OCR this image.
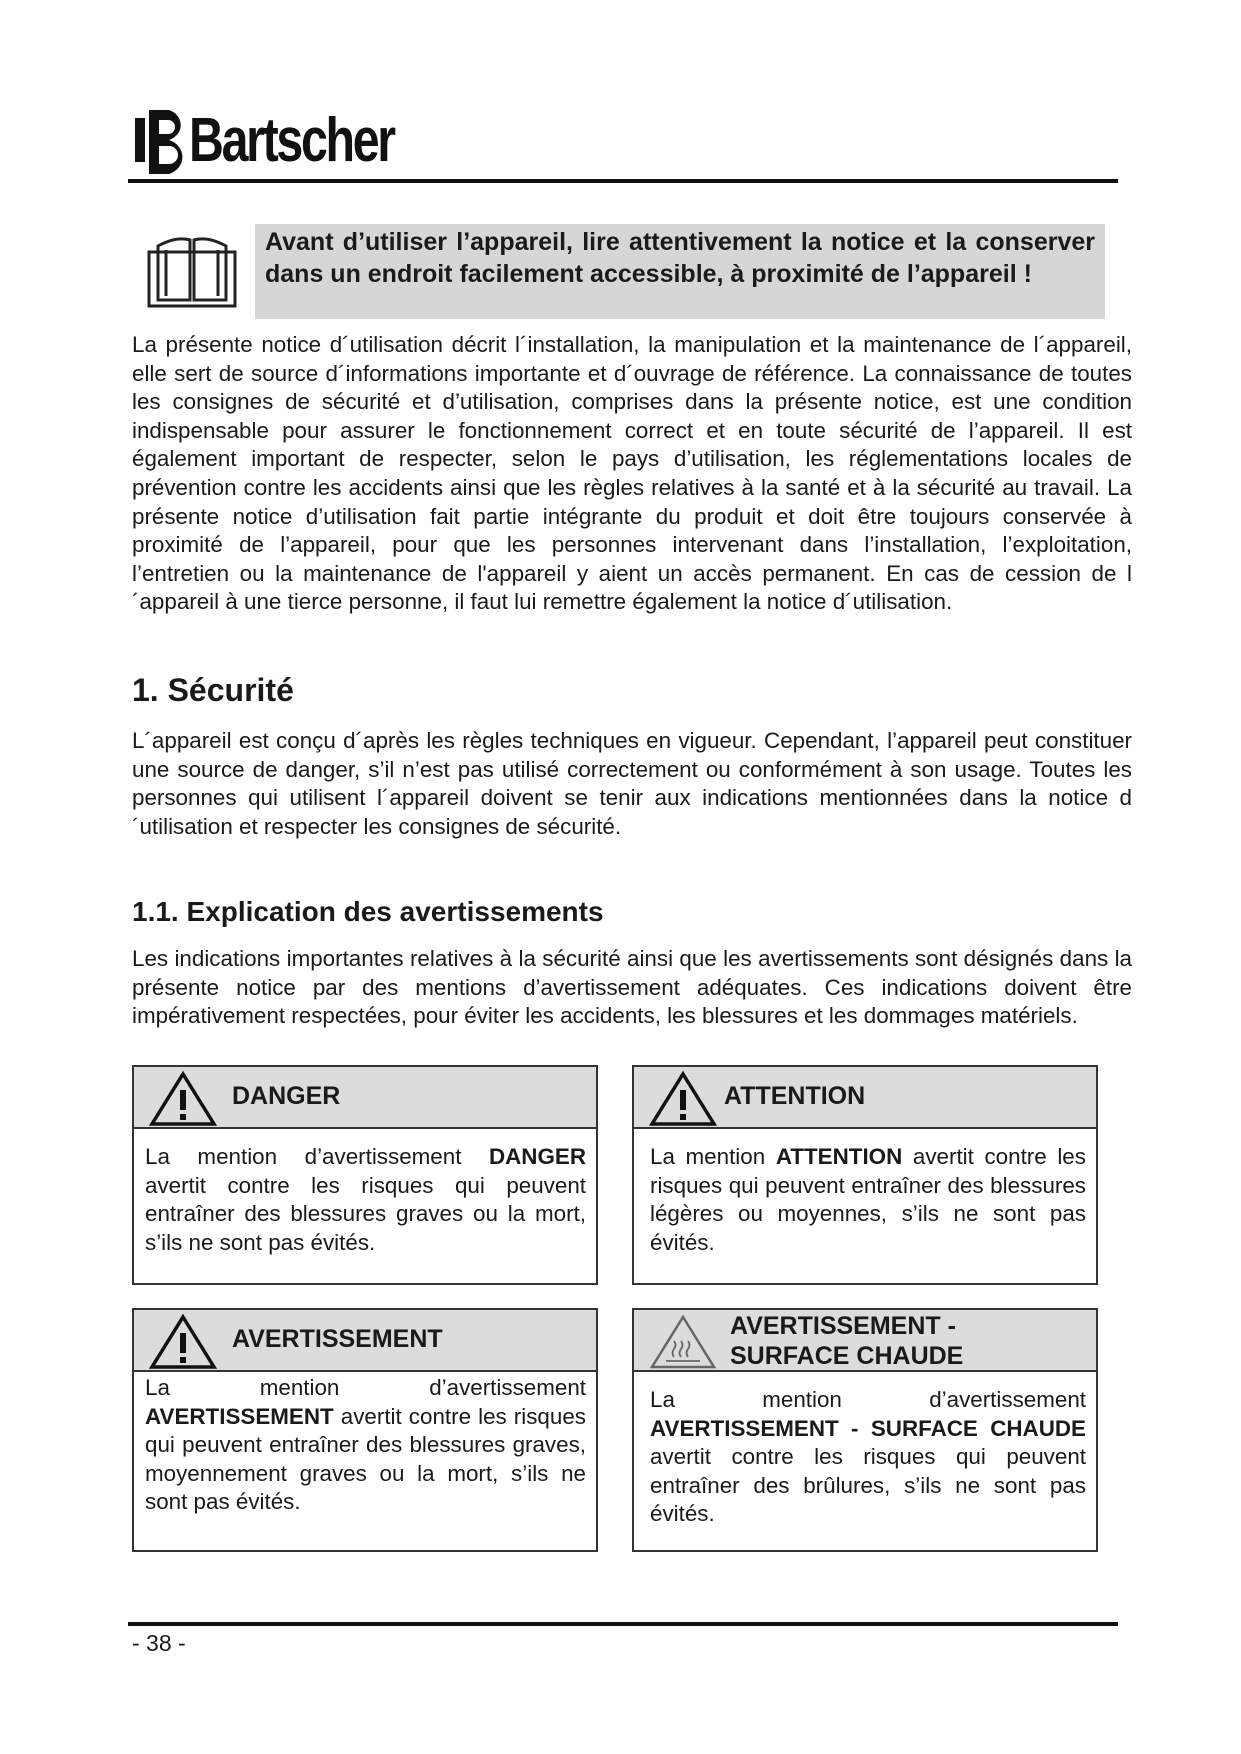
Bartscher
Avant d’utiliser l’appareil, lire attentivement la notice et la conserver dans un endroit facilement accessible, à proximité de l’appareil !
La présente notice d´utilisation décrit l´installation, la manipulation et la maintenance de l´appareil, elle sert de source d´informations importante et d´ouvrage de référence. La connaissance de toutes les consignes de sécurité et d’utilisation, comprises dans la présente notice, est une condition indispensable pour assurer le fonctionnement correct et en toute sécurité de l’appareil. Il est également important de respecter, selon le pays d’utilisation, les réglementations locales de prévention contre les accidents ainsi que les règles relatives à la santé et à la sécurité au travail. La présente notice d’utilisation fait partie intégrante du produit et doit être toujours conservée à proximité de l’appareil, pour que les personnes intervenant dans l’installation, l’exploitation, l’entretien ou la maintenance de l'appareil y aient un accès permanent. En cas de cession de l´appareil à une tierce personne, il faut lui remettre également la notice d´utilisation.
1. Sécurité
L´appareil est conçu d´après les règles techniques en vigueur. Cependant, l’appareil peut constituer une source de danger, s’il n’est pas utilisé correctement ou conformément à son usage. Toutes les personnes qui utilisent l´appareil doivent se tenir aux indications mentionnées dans la notice d´utilisation et respecter les consignes de sécurité.
1.1. Explication des avertissements
Les indications importantes relatives à la sécurité ainsi que les avertissements sont désignés dans la présente notice par des mentions d’avertissement adéquates. Ces indications doivent être impérativement respectées, pour éviter les accidents, les blessures et les dommages matériels.
DANGER
La mention d’avertissement DANGER avertit contre les risques qui peuvent entraîner des blessures graves ou la mort, s’ils ne sont pas évités.
ATTENTION
La mention ATTENTION avertit contre les risques qui peuvent entraîner des blessures légères ou moyennes, s’ils ne sont pas évités.
AVERTISSEMENT
La mention d’avertissement AVERTISSEMENT avertit contre les risques qui peuvent entraîner des blessures graves, moyennement graves ou la mort, s’ils ne sont pas évités.
AVERTISSEMENT -
SURFACE CHAUDE
La mention d’avertissement AVERTISSEMENT - SURFACE CHAUDE avertit contre les risques qui peuvent entraîner des brûlures, s’ils ne sont pas évités.
- 38 -
